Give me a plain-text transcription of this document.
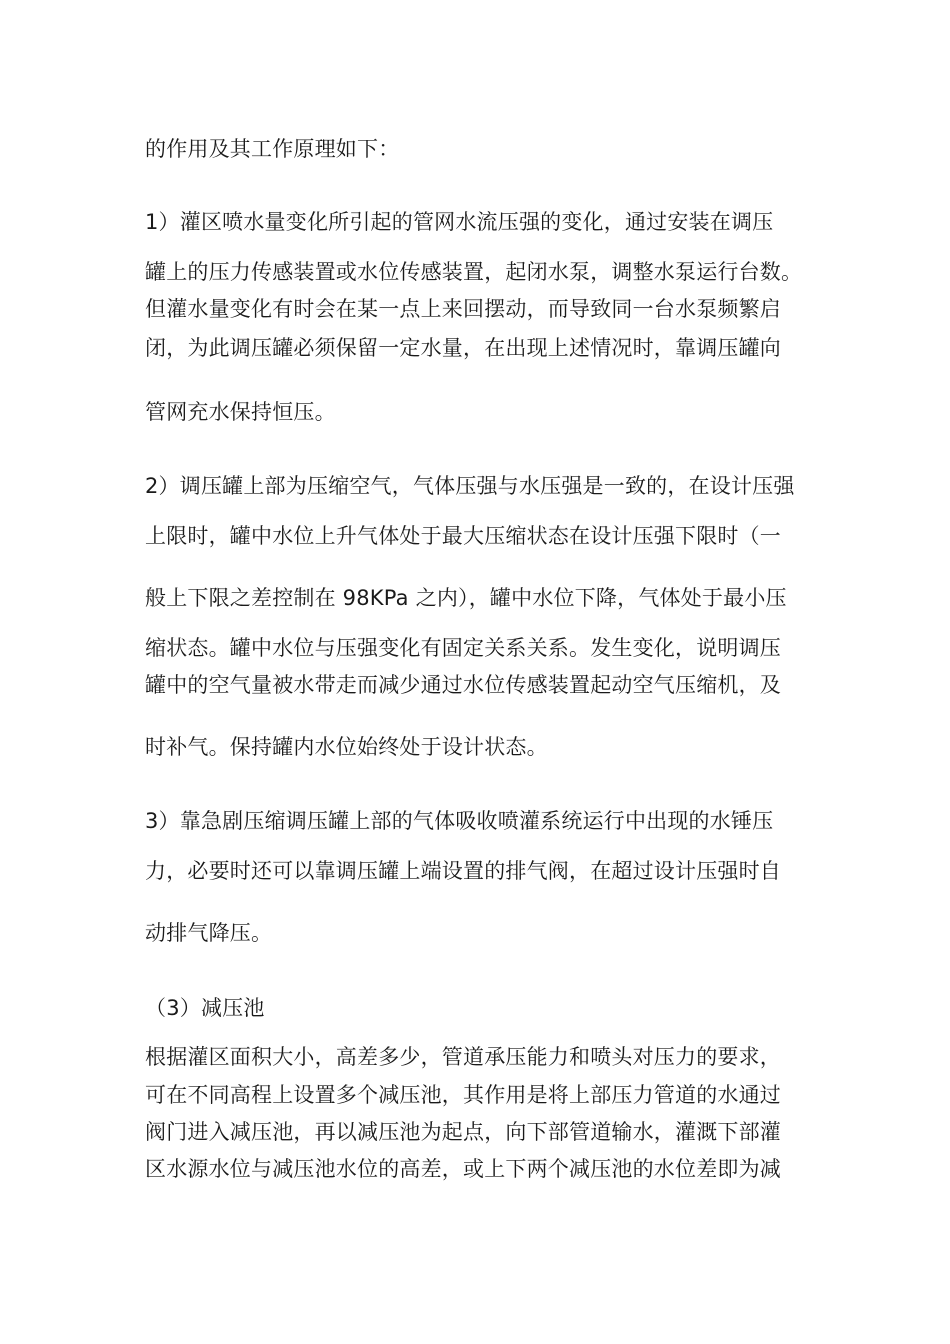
的作用及其工作原理如下：
1）灌区喷水量变化所引起的管网水流压强的变化，通过安装在调压
罐上的压力传感装置或水位传感装置，起闭水泵，调整水泵运行台数。
但灌水量变化有时会在某一点上来回摆动，而导致同一台水泵频繁启
闭，为此调压罐必须保留一定水量，在出现上述情况时，靠调压罐向
管网充水保持恒压。
2）调压罐上部为压缩空气，气体压强与水压强是一致的，在设计压强
上限时，罐中水位上升气体处于最大压缩状态在设计压强下限时（一
般上下限之差控制在 98KPa 之内），罐中水位下降，气体处于最小压
缩状态。罐中水位与压强变化有固定关系关系。发生变化，说明调压
罐中的空气量被水带走而减少通过水位传感装置起动空气压缩机，及
时补气。保持罐内水位始终处于设计状态。
3）靠急剧压缩调压罐上部的气体吸收喷灌系统运行中出现的水锤压
力，必要时还可以靠调压罐上端设置的排气阀，在超过设计压强时自
动排气降压。
（3）减压池
根据灌区面积大小，高差多少，管道承压能力和喷头对压力的要求，
可在不同高程上设置多个减压池，其作用是将上部压力管道的水通过
阀门进入减压池，再以减压池为起点，向下部管道输水，灌溉下部灌
区水源水位与减压池水位的高差，或上下两个减压池的水位差即为减
